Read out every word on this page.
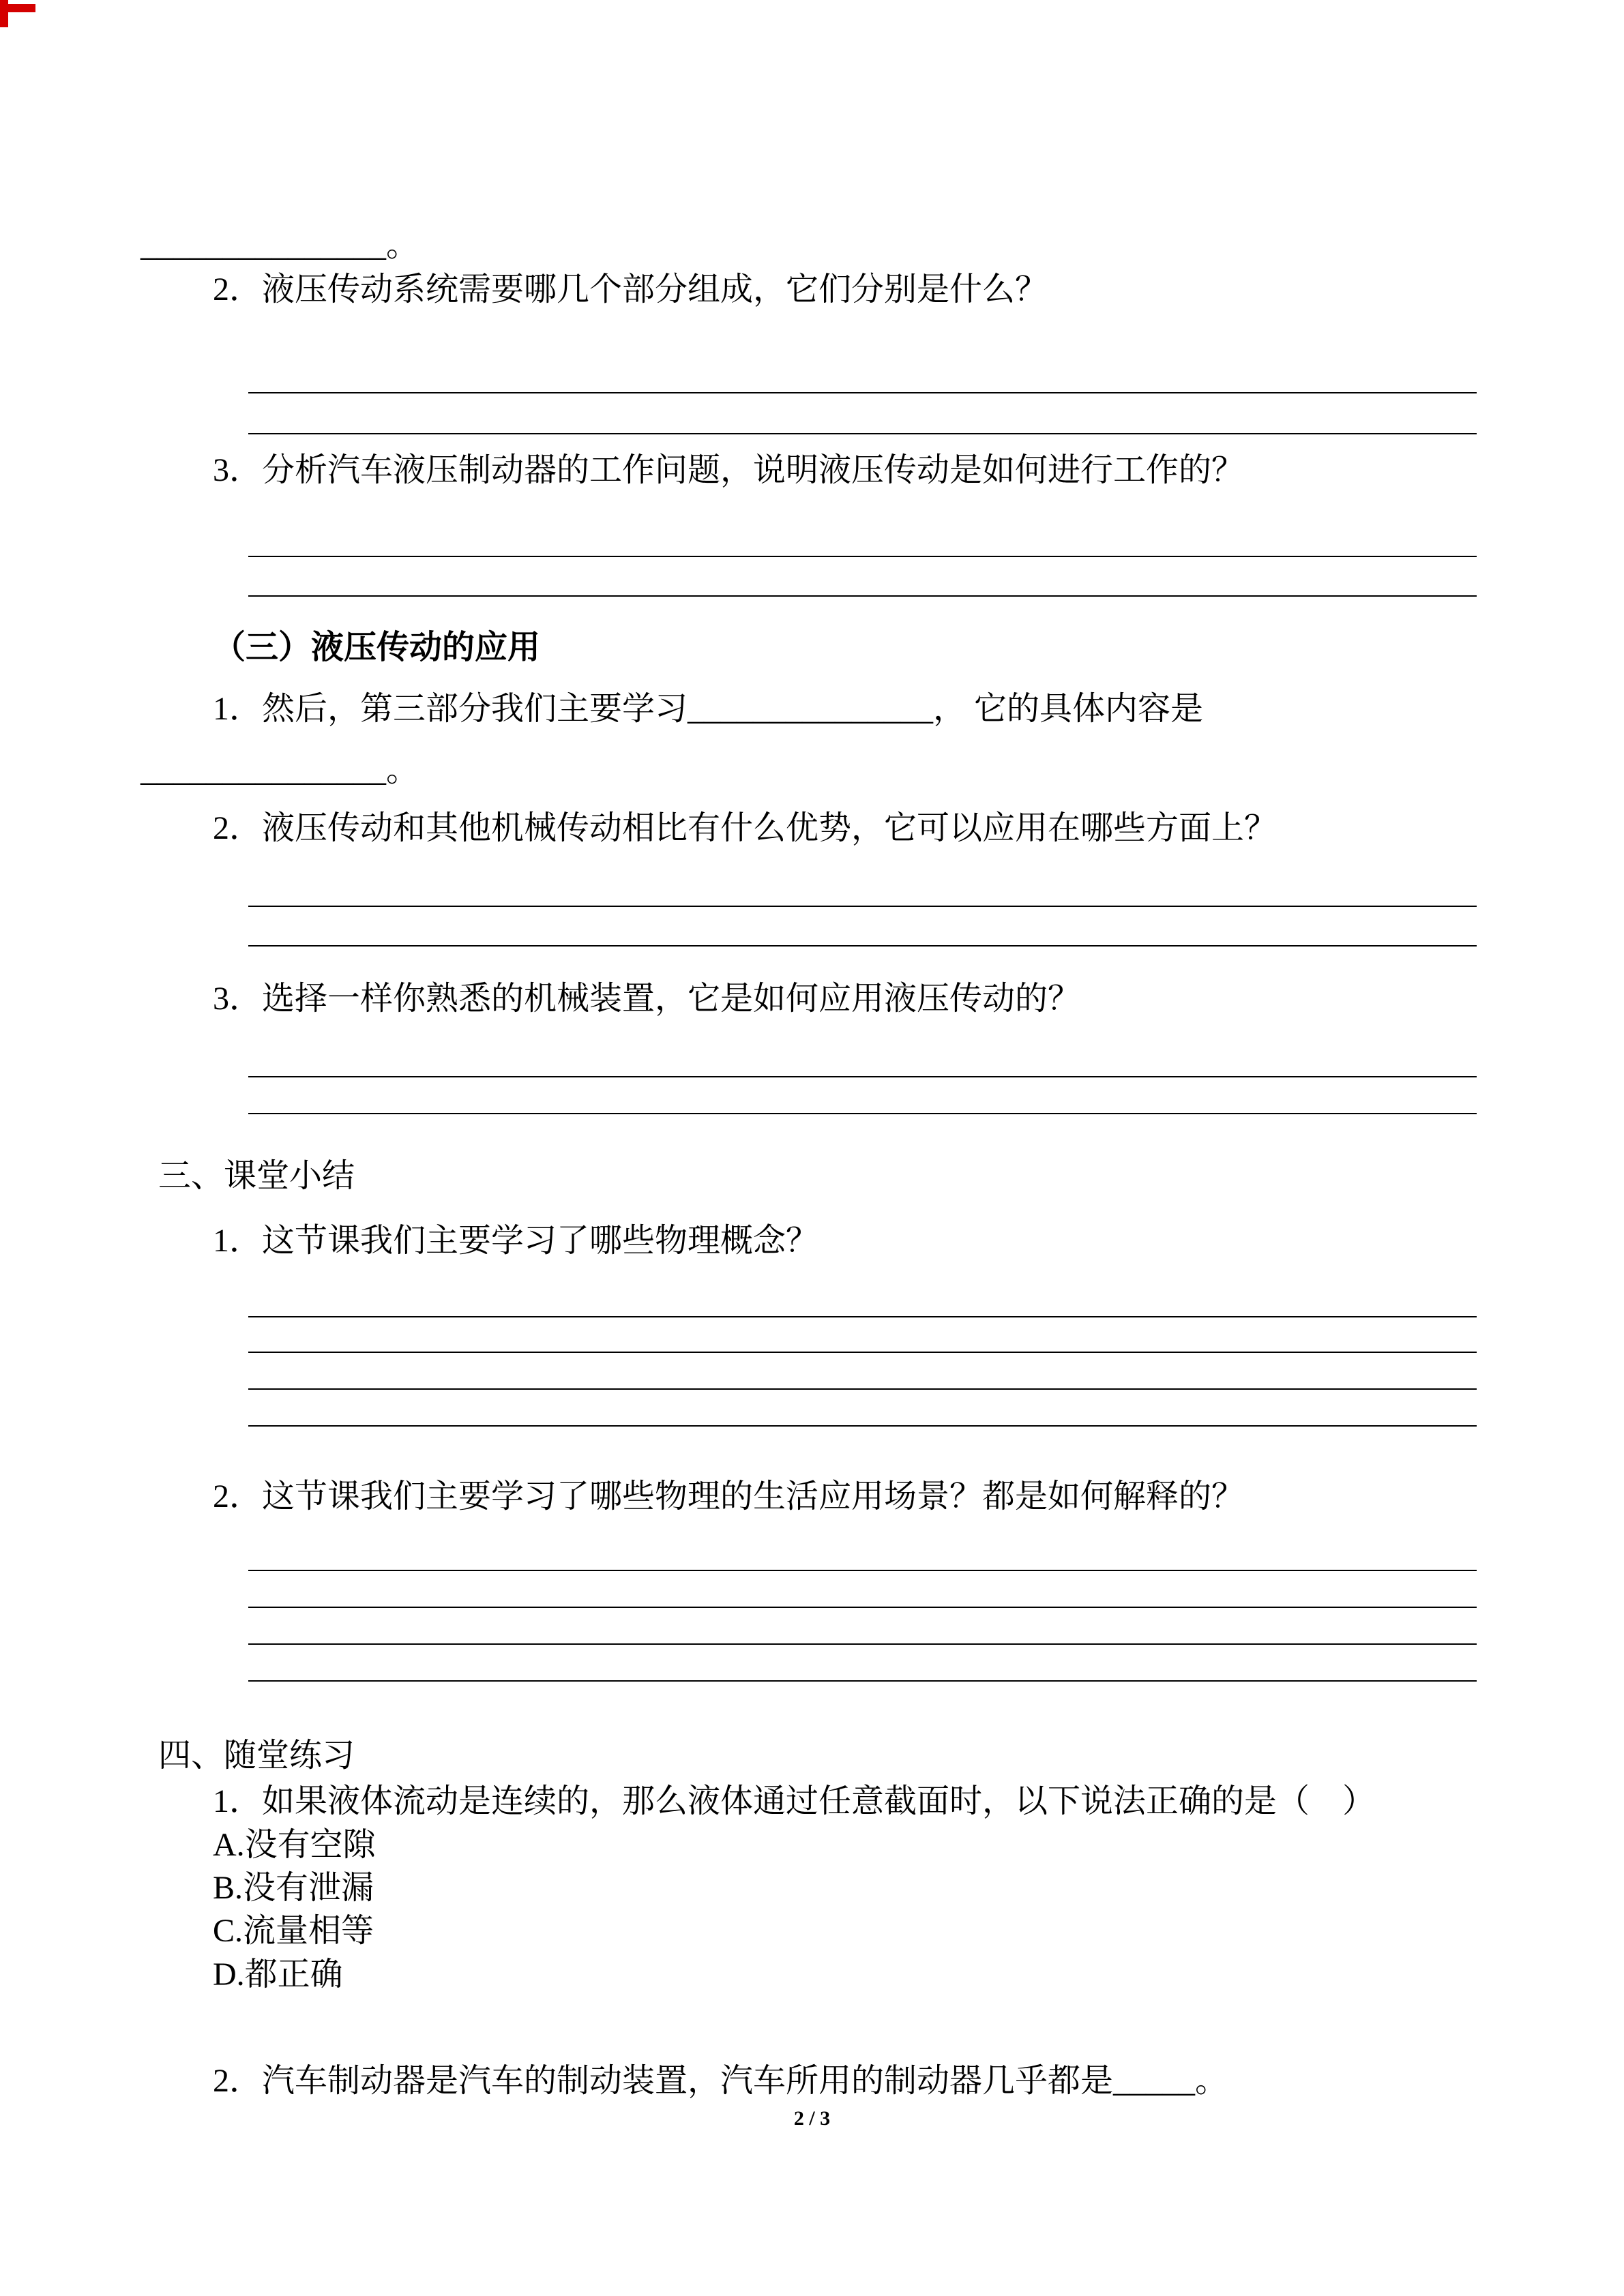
_______________。
2．液压传动系统需要哪几个部分组成，它们分别是什么？
3．分析汽车液压制动器的工作问题，说明液压传动是如何进行工作的？
（三）液压传动的应用
1．然后，第三部分我们主要学习_______________， 它的具体内容是
_______________。
2．液压传动和其他机械传动相比有什么优势，它可以应用在哪些方面上？
3．选择一样你熟悉的机械装置，它是如何应用液压传动的？
三、课堂小结
1．这节课我们主要学习了哪些物理概念？
2．这节课我们主要学习了哪些物理的生活应用场景？都是如何解释的？
四、随堂练习
1．如果液体流动是连续的，那么液体通过任意截面时，以下说法正确的是（　）
A.没有空隙
B.没有泄漏
C.流量相等
D.都正确
2．汽车制动器是汽车的制动装置，汽车所用的制动器几乎都是_____。
2 / 3
